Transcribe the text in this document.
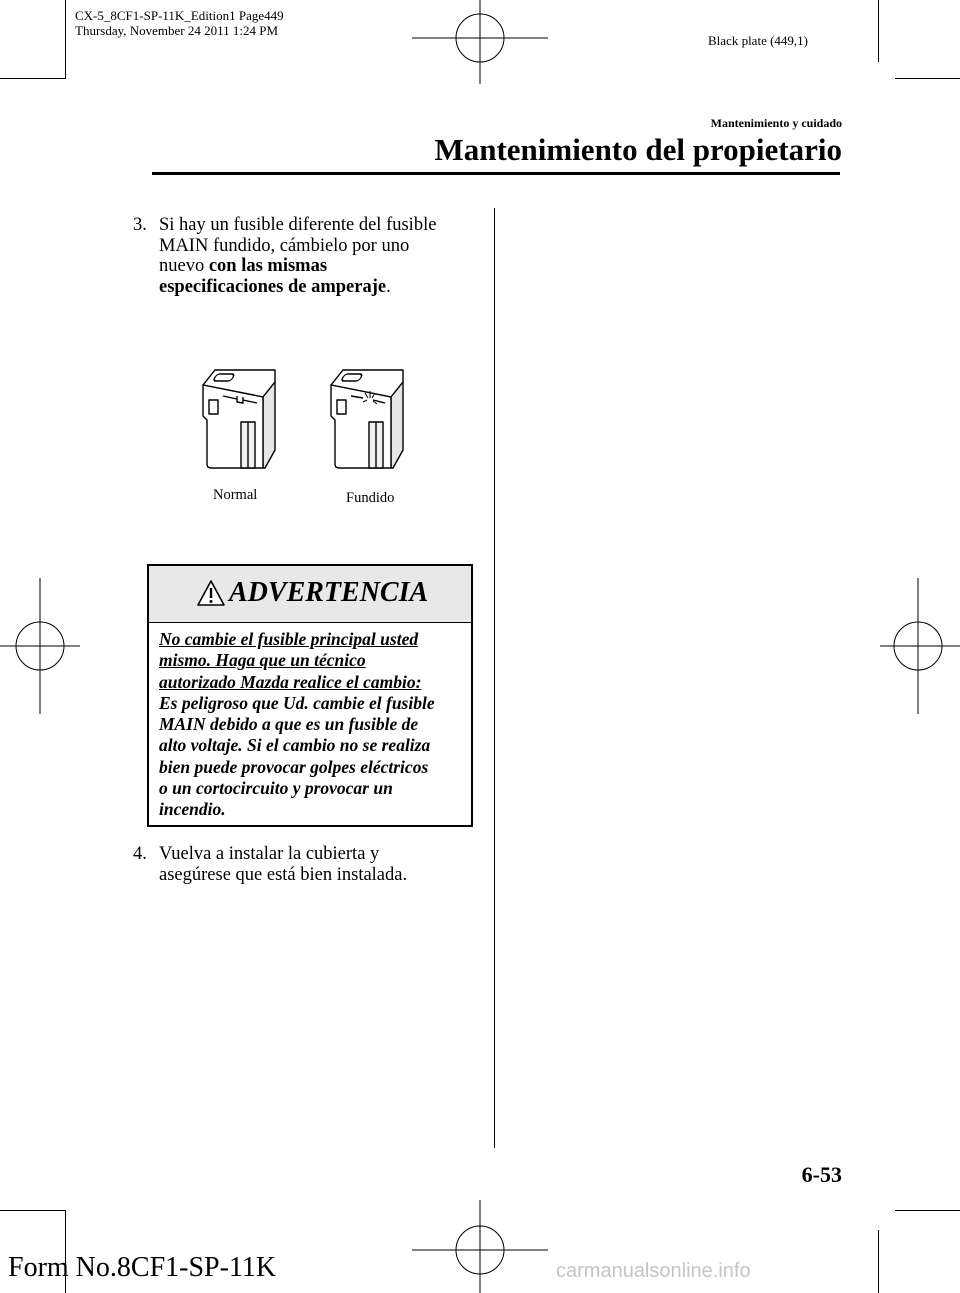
CX-5_8CF1-SP-11K_Edition1 Page449
Thursday, November 24 2011 1:24 PM
Black plate (449,1)
Mantenimiento y cuidado
Mantenimiento del propietario
3. Si hay un fusible diferente del fusible
MAIN fundido, cámbielo por uno
nuevo con las mismas
especificaciones de amperaje.
Normal	Fundido
ADVERTENCIA
No cambie el fusible principal usted
mismo. Haga que un técnico
autorizado Mazda realice el cambio:
Es peligroso que Ud. cambie el fusible
MAIN debido a que es un fusible de
alto voltaje. Si el cambio no se realiza
bien puede provocar golpes eléctricos
o un cortocircuito y provocar un
incendio.
4. Vuelva a instalar la cubierta y
asegúrese que está bien instalada.
6-53
Form No.8CF1-SP-11K	carmanualsonline.info
